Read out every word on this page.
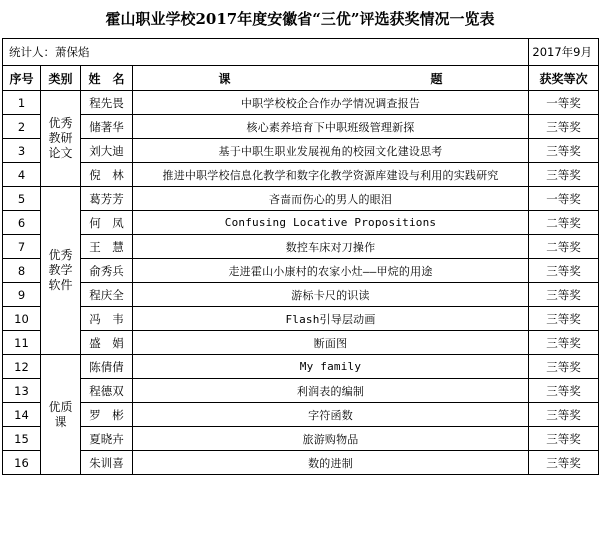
霍山职业学校2017年度安徽省“三优”评选获奖情况一览表
统计人：萧保焰				2017年9月
序号	类别	姓　名	课 题	获奖等次
1	优秀教研论文	程先畏	中职学校校企合作办学情况调查报告	一等奖
2		储著华	核心素养培育下中职班级管理新探	三等奖
3		刘大迪	基于中职生职业发展视角的校园文化建设思考	三等奖
4		倪　林	推进中职学校信息化教学和数字化教学资源库建设与利用的实践研究	三等奖
5	优秀教学软件	葛芳芳	吝啬而伤心的男人的眼泪	一等奖
6		何　凤	Confusing Locative Propositions	二等奖
7		王　慧	数控车床对刀操作	二等奖
8		俞秀兵	走进霍山小康村的农家小灶——甲烷的用途	三等奖
9		程庆全	游标卡尺的识读	三等奖
10		冯　韦	Flash引导层动画	三等奖
11		盛　娟	断面图	三等奖
12	优质课	陈倩倩	My family	三等奖
13		程德双	利润表的编制	三等奖
14		罗　彬	字符函数	三等奖
15		夏晓卉	旅游购物品	三等奖
16		朱训喜	数的进制	三等奖
